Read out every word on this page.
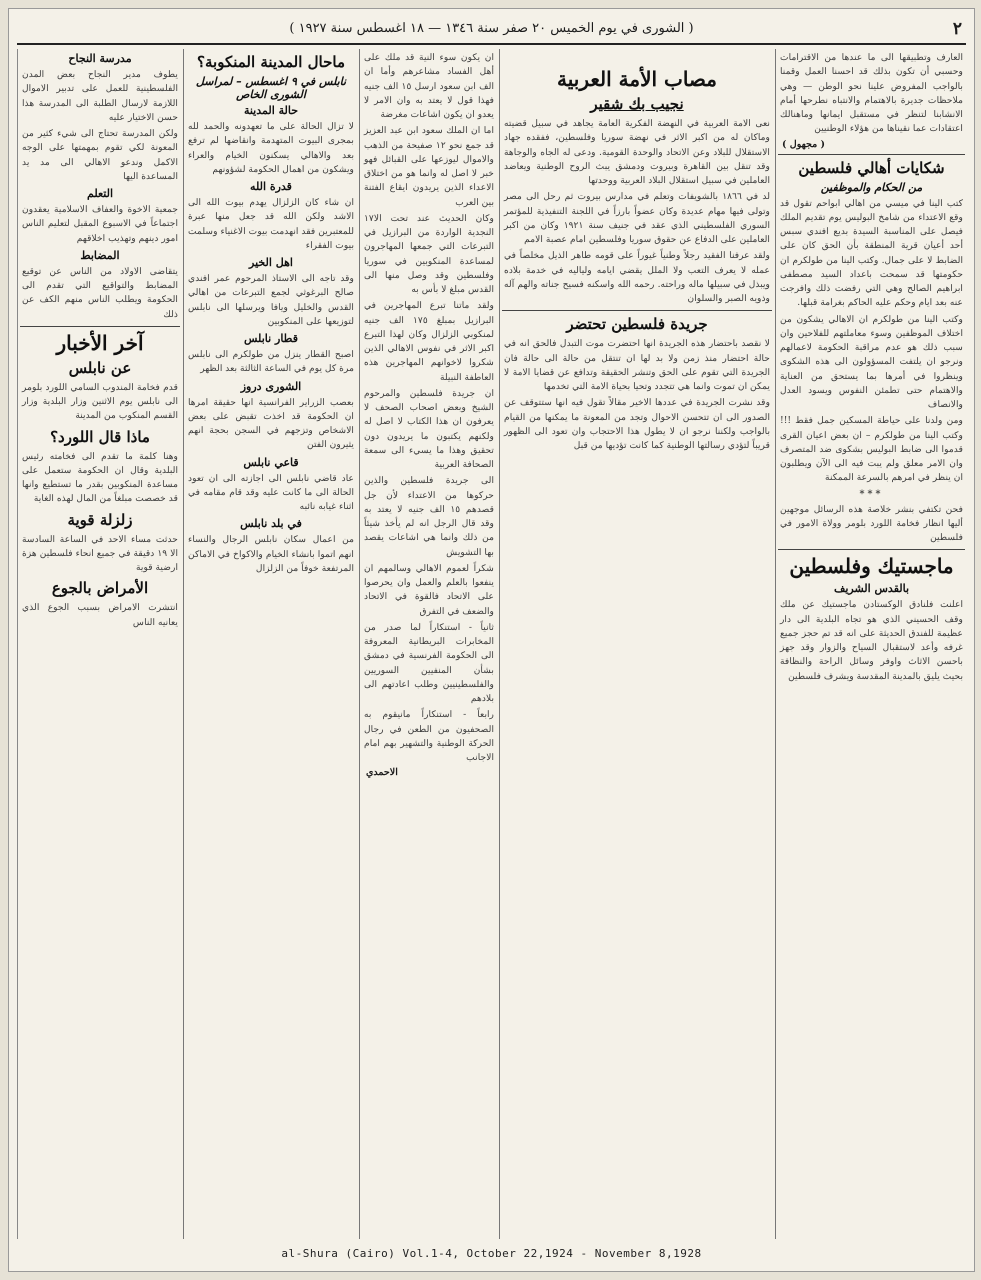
٢
( الشورى في يوم الخميس ٢٠ صفر سنة ١٣٤٦ — ١٨ اغسطس سنة ١٩٢٧ )

العارف وتطبيقها الى ما عندها من الاقترامات وحسبي أن تكون بذلك قد احسنا العمل وقمنا بالواجب المفروض علينا نحو الوطن — وهي ملاحظات جديرة بالاهتمام والانتباه نطرحها أمام الانشابنا لتنظر في مستقبل ايمانها وماهنالك اعتقادات عما نقيناها من هؤلاء الوطنيين

( مجهول )
شكايات أهالي فلسطين
من الحكام والموظفين

كتب الينا في ميسي من اهالي ابواحم تقول قد وقع الاعتداء من شامخ البوليس يوم تقديم الملك فيصل على المناسبة السيدة بديع افندي سبس أحد أعيان قرية المنطقة بأن الحق كان على الضابط لا على جمال. وكتب الينا من طولكرم ان حكومتها قد سمحت باعداد السيد مصطفى ابراهيم الصالح وهي التي رفضت ذلك وافرجت عنه بعد ايام وحكم عليه الحاكم بغرامة قبلها.

وكتب الينا من طولكرم ان الاهالي يشكون من اختلاف الموظفين وسوء معاملتهم للفلاحين وان سبب ذلك هو عدم مراقبة الحكومة لاعمالهم ونرجو ان يلتفت المسؤولون الى هذه الشكوى وينظروا في أمرها بما يستحق من العناية والاهتمام حتى تطمئن النفوس ويسود العدل والانصاف

ومن ولدنا على حياطة المسكين جمل فقط !!! وكتب الينا من طولكرم – ان بعض اعيان القرى قدموا الى ضابط البوليس بشكوى ضد المتصرف وان الامر معلق ولم يبت فيه الى الآن ويطلبون ان ينظر في امرهم بالسرعة الممكنة

***

فحن تكتفي بنشر خلاصة هذه الرسائل موجهين أليها انظار فخامة اللورد بلومر وولاة الامور في فلسطين

ماجستيك وفلسطين
بالقدس الشريف

اعلنت فلنادق الوكستادن ماجستيك عن ملك وقف الحسيني الذي هو تجاه البلدية الى دار عظيمة للفندق الحديثة على انه قد تم حجز جميع غرفه وأعد لاستقبال السياح والزوار وقد جهز باحسن الاثاث واوفر وسائل الراحة والنظافة بحيث يليق بالمدينة المقدسة ويشرف فلسطين

مصاب الأمة العربية
نجيب بك شقير

نعى الامة العربية في النهضة الفكرية العامة يجاهد في سبيل قضيته وماكان له من اكبر الاثر في نهضة سوريا وفلسطين، ففقده جهاد الاستقلال للبلاد وعن الاتحاد والوحدة القومية. ودعى له الجاه والوجاهة وقد تنقل بين القاهرة وبيروت ودمشق يبث الروح الوطنية ويعاضد العاملين في سبيل استقلال البلاد العربية ووحدتها

لد في ١٨٦٦ بالشويفات وتعلم في مدارس بيروت ثم رحل الى مصر وتولى فيها مهام عديدة وكان عضواً بارزاً في اللجنة التنفيذية للمؤتمر السوري الفلسطيني الذي عقد في جنيف سنة ١٩٢١ وكان من اكبر العاملين على الدفاع عن حقوق سوريا وفلسطين امام عصبة الامم

ولقد عرفنا الفقيد رجلاً وطنياً غيوراً على قومه طاهر الذيل مخلصاً في عمله لا يعرف التعب ولا الملل يقضي ايامه ولياليه في خدمة بلاده ويبذل في سبيلها ماله وراحته. رحمه الله واسكنه فسيح جناته والهم آله وذويه الصبر والسلوان

جريدة فلسطين تحتضر

لا نقصد باحتضار هذه الجريدة انها احتضرت موت التبدل فالحق انه في حالة احتضار منذ زمن ولا بد لها ان تنتقل من حالة الى حالة فان الجريدة التي تقوم على الحق وتنشر الحقيقة وتدافع عن قضايا الامة لا يمكن ان تموت وانما هي تتجدد وتحيا بحياة الامة التي تخدمها

وقد نشرت الجريدة في عددها الاخير مقالاً تقول فيه انها ستتوقف عن الصدور الى ان تتحسن الاحوال وتجد من المعونة ما يمكنها من القيام بالواجب ولكننا نرجو ان لا يطول هذا الاحتجاب وان تعود الى الظهور قريباً لتؤدي رسالتها الوطنية كما كانت تؤديها من قبل

ان يكون سوء النية قد ملك على أهل الفساد مشاعرهم وأما ان الف ابن سعود ارسل ١٥ الف جنيه فهذا قول لا يعتد به وان الامر لا يعدو ان يكون اشاعات مغرضة

اما ان الملك سعود ابن عبد العزيز قد جمع نحو ١٢ صفيحة من الذهب والاموال ليوزعها على القبائل فهو خبر لا اصل له وانما هو من اختلاق الاعداء الذين يريدون ايقاع الفتنة بين العرب

وكان الحديث عند تحت الا١٧ النجدية الواردة من البرازيل في التبرعات التي جمعها المهاجرون لمساعدة المنكوبين في سوريا وفلسطين وقد وصل منها الى القدس مبلغ لا بأس به

ولقد ماتنا تبرع المهاجرين في البرازيل بمبلغ ١٧٥ الف جنيه لمنكوبي الزلزال وكان لهذا التبرع اكبر الاثر في نفوس الاهالي الذين شكروا لاخوانهم المهاجرين هذه العاطفة النبيلة

ان جريدة فلسطين والمرحوم الشيخ وبعض اصحاب الصحف لا يعرفون ان هذا الكتاب لا اصل له ولكنهم يكتبون ما يريدون دون تحقيق وهذا ما يسيء الى سمعة الصحافة العربية

الى جريدة فلسطين والذين حركوها من الاعتداء لأن جل قصدهم ١٥ الف جنيه لا يعتد به وقد قال الرجل انه لم يأخذ شيئاً من ذلك وانما هي اشاعات يقصد بها التشويش

شكراً لعموم الاهالي وسالمهم ان ينفعوا بالعلم والعمل وان يحرصوا على الاتحاد فالقوة في الاتحاد والضعف في التفرق

ثانياً - استنكاراً لما صدر من المخابرات البريطانية المعروفة الى الحكومة الفرنسية في دمشق بشأن المنفيين السوريين والفلسطينيين وطلب اعادتهم الى بلادهم

رابعاً - استنكاراً مانيقوم به الصحفيون من الطعن في رجال الحركة الوطنية والتشهير بهم امام الاجانب

الاحمدي
ماحال المدينة المنكوبة؟
نابلس في ٩ اغسطس – لمراسل الشورى الخاص
حالة المدينة

لا تزال الحالة على ما تعهدونه والحمد لله بمجرى البيوت المتهدمة وانقاضها لم ترفع بعد والاهالي يسكنون الخيام والعراء ويشكون من اهمال الحكومة لشؤونهم

قدرة الله

ان شاء كان الزلزال يهدم بيوت الله الى الاشد ولكن الله قد جعل منها عبرة للمعتبرين فقد انهدمت بيوت الاغنياء وسلمت بيوت الفقراء

اهل الخير

وقد تاجه الى الاستاذ المرحوم عمر افندي صالح البرغوثي لجمع التبرعات من اهالي القدس والخليل ويافا ويرسلها الى نابلس لتوزيعها على المنكوبين

قطار نابلس

اصبح القطار ينزل من طولكرم الى نابلس مرة كل يوم في الساعة الثالثة بعد الظهر

الشورى دروز

بعصب الزراير الفرانسية انها حقيقة امرها ان الحكومة قد اخذت تقبض على بعض الاشخاص وتزجهم في السجن بحجة انهم يثيرون الفتن

قاعي نابلس

عاد قاضي نابلس الى اجازته الى ان تعود الحالة الى ما كانت عليه وقد قام مقامه في اثناء غيابه نائبه

في بلد نابلس

من اعمال سكان نابلس الرجال والنساء انهم اتموا بانشاء الخيام والاكواخ في الاماكن المرتفعة خوفاً من الزلزال

مدرسة النجاح

يطوف مدير النجاح بعض المدن الفلسطينية للعمل على تدبير الاموال اللازمة لارسال الطلبة الى المدرسة هذا حسن الاختيار عليه

ولكن المدرسة تحتاج الى شيء كثير من المعونة لكي تقوم بمهمتها على الوجه الاكمل وندعو الاهالي الى مد يد المساعدة اليها

التعلم

جمعية الاخوة والعفاف الاسلامية يعقدون اجتماعاً في الاسبوع المقبل لتعليم الناس امور دينهم وتهذيب اخلاقهم

المضابط

يتقاضى الاولاد من الناس عن توقيع المضابط والتواقيع التي تقدم الى الحكومة ويطلب الناس منهم الكف عن ذلك

آخر الأخبار
عن نابلس

قدم فخامة المندوب السامي اللورد بلومر الى نابلس يوم الاثنين وزار البلدية وزار القسم المنكوب من المدينة

ماذا قال اللورد؟

وهنا كلمة ما تقدم الى فخامته رئيس البلدية وقال ان الحكومة ستعمل على مساعدة المنكوبين بقدر ما تستطيع وانها قد خصصت مبلغاً من المال لهذه الغاية

زلزلة قوية

حدثت مساء الاحد في الساعة السادسة الا ١٩ دقيقة في جميع انحاء فلسطين هزة ارضية قوية

الأمراض بالجوع

انتشرت الامراض بسبب الجوع الذي يعانيه الناس

al-Shura (Cairo) Vol.1-4, October 22,1924 - November 8,1928
